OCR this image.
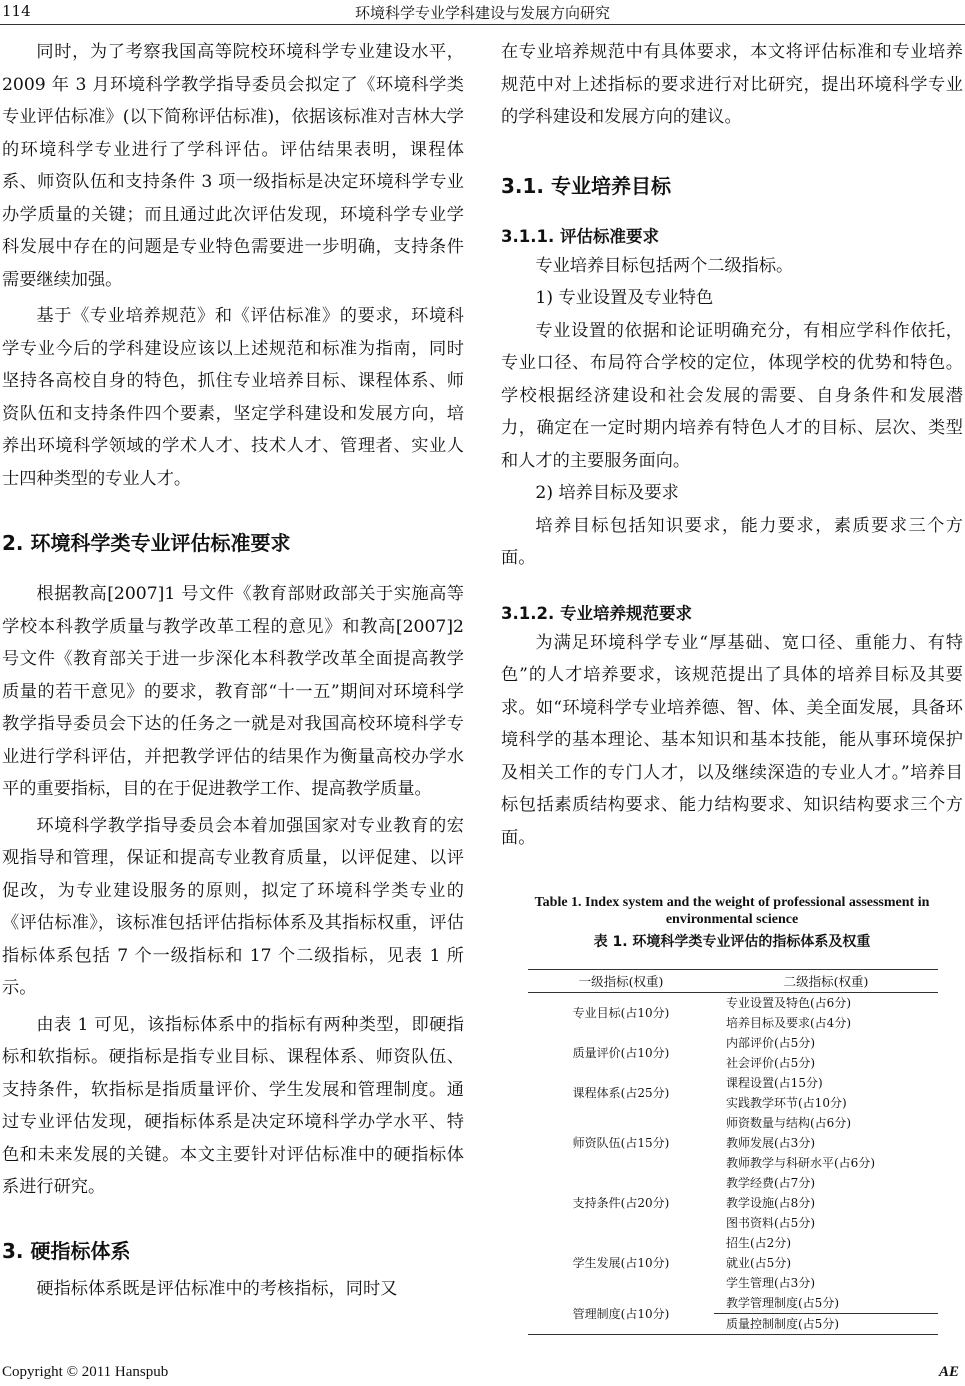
114	环境科学专业学科建设与发展方向研究

同时，为了考察我国高等院校环境科学专业建设水平，2009 年 3 月环境科学教学指导委员会拟定了《环境科学类专业评估标准》(以下简称评估标准)，依据该标准对吉林大学的环境科学专业进行了学科评估。评估结果表明，课程体系、师资队伍和支持条件 3 项一级指标是决定环境科学专业办学质量的关键；而且通过此次评估发现，环境科学专业学科发展中存在的问题是专业特色需要进一步明确，支持条件需要继续加强。

基于《专业培养规范》和《评估标准》的要求，环境科学专业今后的学科建设应该以上述规范和标准为指南，同时坚持各高校自身的特色，抓住专业培养目标、课程体系、师资队伍和支持条件四个要素，坚定学科建设和发展方向，培养出环境科学领域的学术人才、技术人才、管理者、实业人士四种类型的专业人才。

2. 环境科学类专业评估标准要求

根据教高[2007]1 号文件《教育部财政部关于实施高等学校本科教学质量与教学改革工程的意见》和教高[2007]2 号文件《教育部关于进一步深化本科教学改革全面提高教学质量的若干意见》的要求，教育部“十一五”期间对环境科学教学指导委员会下达的任务之一就是对我国高校环境科学专业进行学科评估，并把教学评估的结果作为衡量高校办学水平的重要指标，目的在于促进教学工作、提高教学质量。

环境科学教学指导委员会本着加强国家对专业教育的宏观指导和管理，保证和提高专业教育质量，以评促建、以评促改，为专业建设服务的原则，拟定了环境科学类专业的《评估标准》，该标准包括评估指标体系及其指标权重，评估指标体系包括 7 个一级指标和 17 个二级指标，见表 1 所示。

由表 1 可见，该指标体系中的指标有两种类型，即硬指标和软指标。硬指标是指专业目标、课程体系、师资队伍、支持条件，软指标是指质量评价、学生发展和管理制度。通过专业评估发现，硬指标体系是决定环境科学办学水平、特色和未来发展的关键。本文主要针对评估标准中的硬指标体系进行研究。

3. 硬指标体系

硬指标体系既是评估标准中的考核指标，同时又

在专业培养规范中有具体要求，本文将评估标准和专业培养规范中对上述指标的要求进行对比研究，提出环境科学专业的学科建设和发展方向的建议。

3.1. 专业培养目标
3.1.1. 评估标准要求

专业培养目标包括两个二级指标。

1) 专业设置及专业特色

专业设置的依据和论证明确充分，有相应学科作依托，专业口径、布局符合学校的定位，体现学校的优势和特色。学校根据经济建设和社会发展的需要、自身条件和发展潜力，确定在一定时期内培养有特色人才的目标、层次、类型和人才的主要服务面向。

2) 培养目标及要求

培养目标包括知识要求，能力要求，素质要求三个方面。

3.1.2. 专业培养规范要求

为满足环境科学专业“厚基础、宽口径、重能力、有特色”的人才培养要求，该规范提出了具体的培养目标及其要求。如“环境科学专业培养德、智、体、美全面发展，具备环境科学的基本理论、基本知识和基本技能，能从事环境保护及相关工作的专门人才，以及继续深造的专业人才。”培养目标包括素质结构要求、能力结构要求、知识结构要求三个方面。

Table 1. Index system and the weight of professional assessment in environmental science
表 1. 环境科学类专业评估的指标体系及权重
一级指标(权重)	二级指标(权重)
专业目标(占10分)	专业设置及特色(占6分)
	培养目标及要求(占4分)
质量评价(占10分)	内部评价(占5分)
	社会评价(占5分)
课程体系(占25分)	课程设置(占15分)
	实践教学环节(占10分)
师资队伍(占15分)	师资数量与结构(占6分)
	教师发展(占3分)
	教师教学与科研水平(占6分)
支持条件(占20分)	教学经费(占7分)
	教学设施(占8分)
	图书资料(占5分)
学生发展(占10分)	招生(占2分)
	就业(占5分)
	学生管理(占3分)
管理制度(占10分)	教学管理制度(占5分)
	质量控制制度(占5分)
Copyright © 2011 Hanspub	AE
